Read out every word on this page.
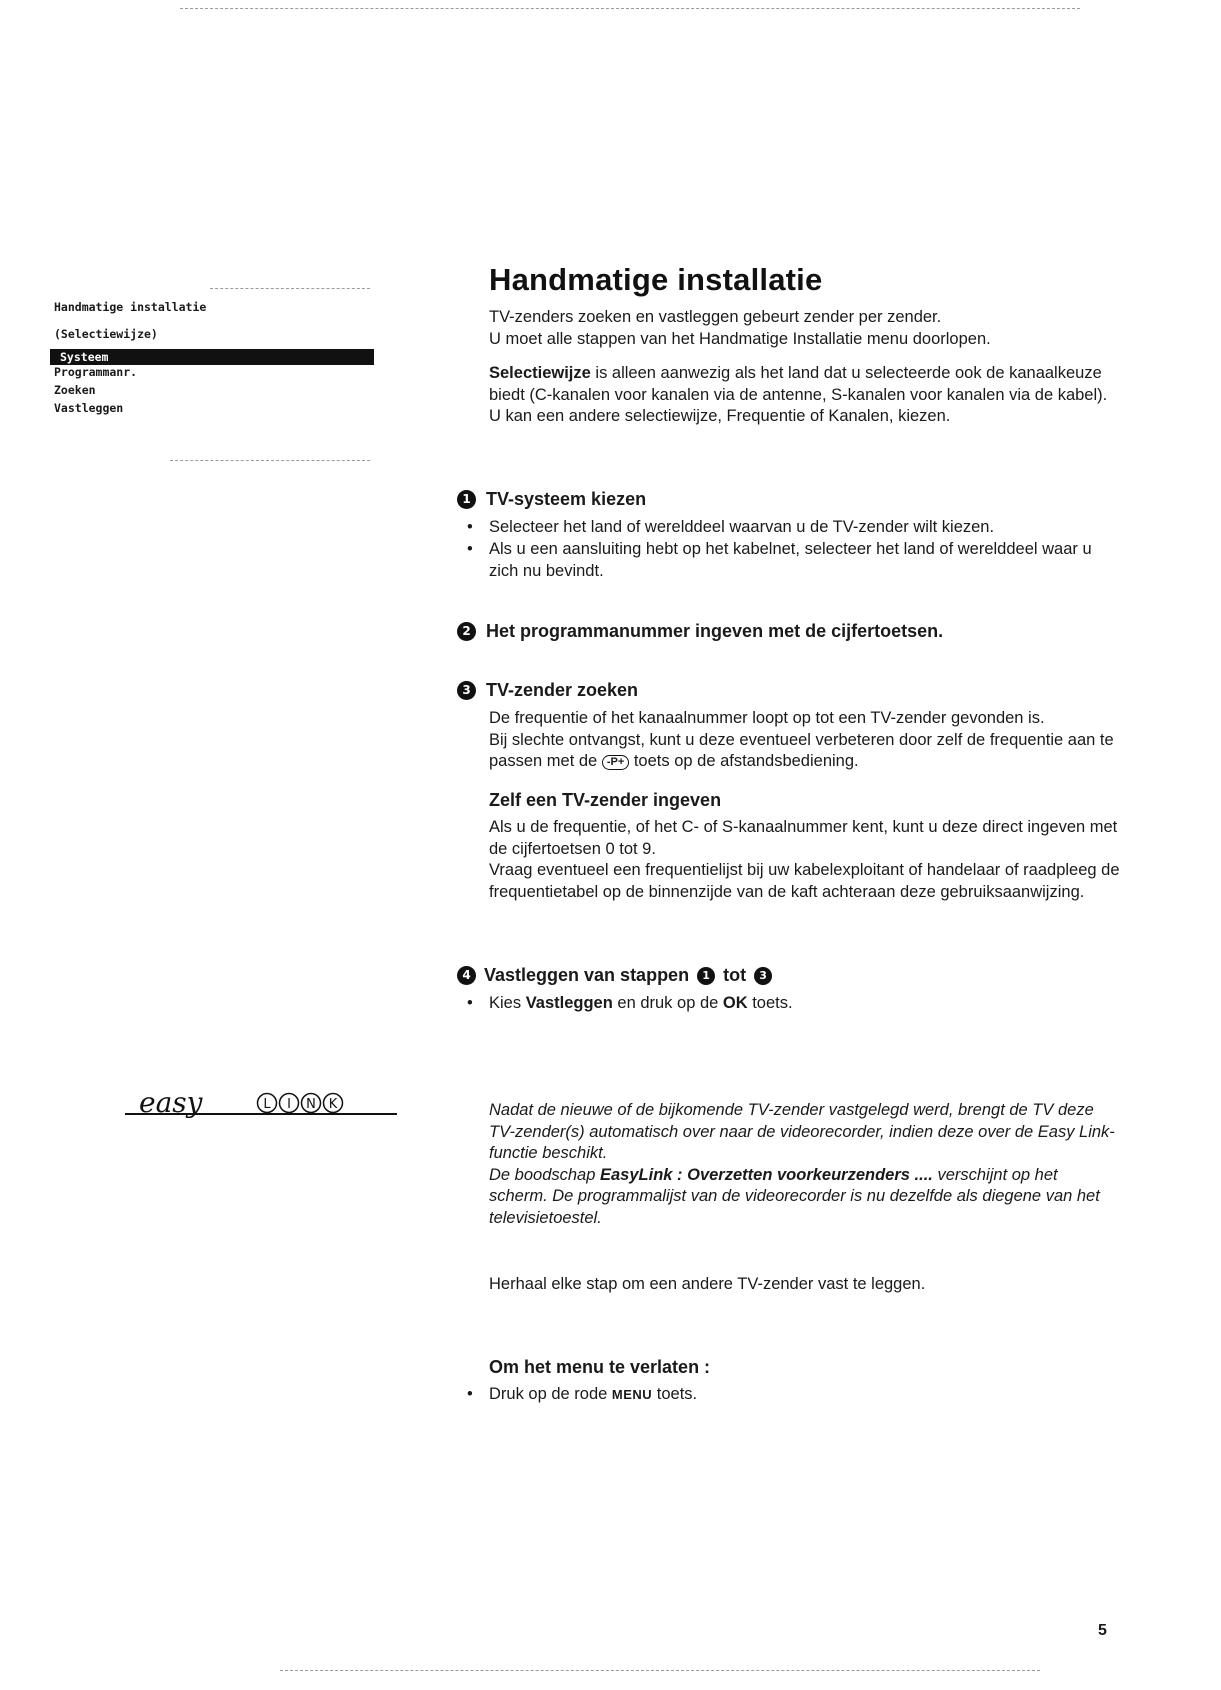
Handmatige installatie
(Selectiewijze)
Systeem
Programmanr.
Zoeken
Vastleggen
Handmatige installatie

TV-zenders zoeken en vastleggen gebeurt zender per zender.

U moet alle stappen van het Handmatige Installatie menu doorlopen.

Selectiewijze is alleen aanwezig als het land dat u selecteerde ook de kanaalkeuze biedt (C-kanalen voor kanalen via de antenne, S-kanalen voor kanalen via de kabel).

U kan een andere selectiewijze, Frequentie of Kanalen, kiezen.

1 TV-systeem kiezen
• Selecteer het land of werelddeel waarvan u de TV-zender wilt kiezen.
• Als u een aansluiting hebt op het kabelnet, selecteer het land of werelddeel waar u zich nu bevindt.
2 Het programmanummer ingeven met de cijfertoetsen.
3 TV-zender zoeken

De frequentie of het kanaalnummer loopt op tot een TV-zender gevonden is.

Bij slechte ontvangst, kunt u deze eventueel verbeteren door zelf de frequentie aan te passen met de -P+ toets op de afstandsbediening.

Zelf een TV-zender ingeven

Als u de frequentie, of het C- of S-kanaalnummer kent, kunt u deze direct ingeven met de cijfertoetsen 0 tot 9.

Vraag eventueel een frequentielijst bij uw kabelexploitant of handelaar of raadpleeg de frequentietabel op de binnenzijde van de kaft achteraan deze gebruiksaanwijzing.

4 Vastleggen van stappen	1 tot	3
• Kies Vastleggen en druk op de OK toets.
easy	L I N K	Nadat de nieuwe of de bijkomende TV-zender vastgelegd werd, brengt de TV deze TV-zender(s) automatisch over naar de videorecorder, indien deze over de Easy Link-functie beschikt.

De boodschap EasyLink : Overzetten voorkeurzenders .... verschijnt op het scherm. De programmalijst van de videorecorder is nu dezelfde als diegene van het televisietoestel.

Herhaal elke stap om een andere TV-zender vast te leggen.

Om het menu te verlaten :
• Druk op de rode MENU toets.
5
